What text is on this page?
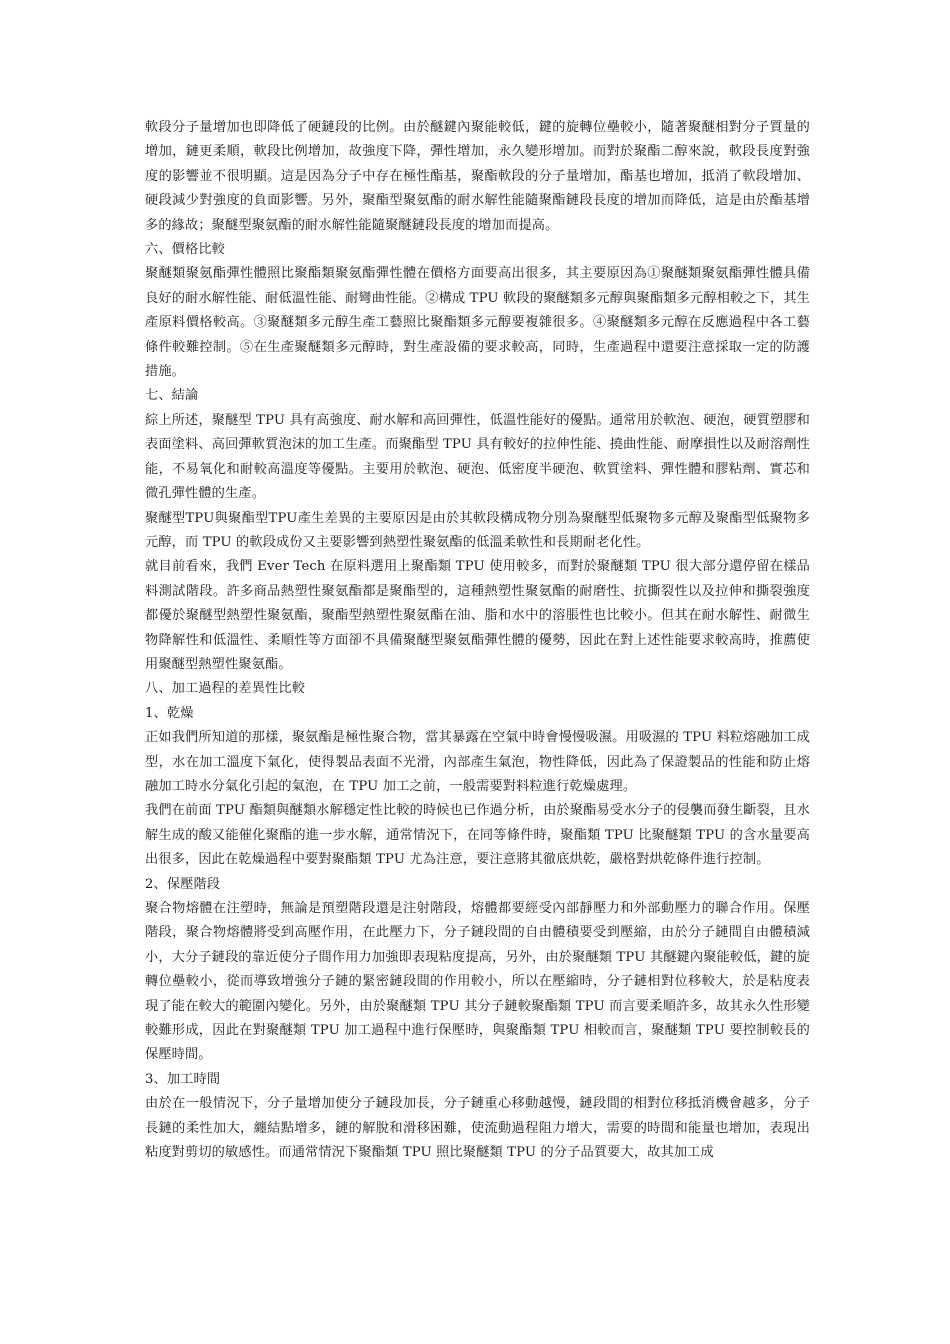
軟段分子量增加也即降低了硬鏈段的比例。由於醚鍵內聚能較低，鍵的旋轉位壘較小，隨著聚醚相對分子質量的增加，鏈更柔順，軟段比例增加，故強度下降，彈性增加，永久變形增加。而對於聚酯二醇來說，軟段長度對強度的影響並不很明顯。這是因為分子中存在極性酯基，聚酯軟段的分子量增加，酯基也增加，抵消了軟段增加、硬段減少對強度的負面影響。另外，聚酯型聚氨酯的耐水解性能隨聚酯鏈段長度的增加而降低，這是由於酯基增多的緣故；聚醚型聚氨酯的耐水解性能隨聚醚鏈段長度的增加而提高。

六、價格比較

聚醚類聚氨酯彈性體照比聚酯類聚氨酯彈性體在價格方面要高出很多，其主要原因為①聚醚類聚氨酯彈性體具備良好的耐水解性能、耐低溫性能、耐彎曲性能。②構成 TPU 軟段的聚醚類多元醇與聚酯類多元醇相較之下，其生產原料價格較高。③聚醚類多元醇生產工藝照比聚酯類多元醇要複雜很多。④聚醚類多元醇在反應過程中各工藝條件較難控制。⑤在生產聚醚類多元醇時，對生產設備的要求較高，同時，生產過程中還要注意採取一定的防護措施。

七、結論

綜上所述，聚醚型 TPU 具有高強度、耐水解和高回彈性，低溫性能好的優點。通常用於軟泡、硬泡，硬質塑膠和表面塗料、高回彈軟質泡沫的加工生產。而聚酯型 TPU 具有較好的拉伸性能、撓曲性能、耐摩損性以及耐溶劑性能，不易氧化和耐較高溫度等優點。主要用於軟泡、硬泡、低密度半硬泡、軟質塗料、彈性體和膠粘劑、實芯和微孔彈性體的生產。

聚醚型TPU與聚酯型TPU產生差異的主要原因是由於其軟段構成物分別為聚醚型低聚物多元醇及聚酯型低聚物多元醇，而 TPU 的軟段成份又主要影響到熱塑性聚氨酯的低溫柔軟性和長期耐老化性。

就目前看來，我們 Ever Tech 在原料選用上聚酯類 TPU 使用較多，而對於聚醚類 TPU 很大部分還停留在樣品料測試階段。許多商品熱塑性聚氨酯都是聚酯型的，這種熱塑性聚氨酯的耐磨性、抗撕裂性以及拉伸和撕裂強度都優於聚醚型熱塑性聚氨酯，聚酯型熱塑性聚氨酯在油、脂和水中的溶脹性也比較小。但其在耐水解性、耐微生物降解性和低溫性、柔順性等方面卻不具備聚醚型聚氨酯彈性體的優勢，因此在對上述性能要求較高時，推薦使用聚醚型熱塑性聚氨酯。

八、加工過程的差異性比較

1、乾燥

正如我們所知道的那樣，聚氨酯是極性聚合物，當其暴露在空氣中時會慢慢吸濕。用吸濕的 TPU 料粒熔融加工成型，水在加工溫度下氣化，使得製品表面不光滑，內部產生氣泡，物性降低，因此為了保證製品的性能和防止熔融加工時水分氣化引起的氣泡，在 TPU 加工之前，一般需要對料粒進行乾燥處理。

我們在前面 TPU 酯類與醚類水解穩定性比較的時候也已作過分析，由於聚酯易受水分子的侵襲而發生斷裂，且水解生成的酸又能催化聚酯的進一步水解，通常情況下，在同等條件時，聚酯類 TPU 比聚醚類 TPU 的含水量要高出很多，因此在乾燥過程中要對聚酯類 TPU 尤為注意，要注意將其徹底烘乾，嚴格對烘乾條件進行控制。

2、保壓階段

聚合物熔體在注塑時，無論是預塑階段還是注射階段，熔體都要經受內部靜壓力和外部動壓力的聯合作用。保壓階段，聚合物熔體將受到高壓作用，在此壓力下，分子鏈段間的自由體積要受到壓縮，由於分子鏈間自由體積減小，大分子鏈段的靠近使分子間作用力加強即表現粘度提高，另外，由於聚醚類 TPU 其醚鍵內聚能較低，鍵的旋轉位壘較小，從而導致增強分子鏈的緊密鏈段間的作用較小，所以在壓縮時，分子鏈相對位移較大，於是粘度表現了能在較大的範圍內變化。另外，由於聚醚類 TPU 其分子鏈較聚酯類 TPU 而言要柔順許多，故其永久性形變較難形成，因此在對聚醚類 TPU 加工過程中進行保壓時，與聚酯類 TPU 相較而言，聚醚類 TPU 要控制較長的保壓時間。

3、加工時間

由於在一般情況下，分子量增加使分子鏈段加長，分子鏈重心移動越慢，鏈段間的相對位移抵消機會越多，分子長鏈的柔性加大，纏結點增多，鏈的解脫和滑移困難，使流動過程阻力增大，需要的時間和能量也增加，表現出粘度對剪切的敏感性。而通常情況下聚酯類 TPU 照比聚醚類 TPU 的分子品質要大，故其加工成
